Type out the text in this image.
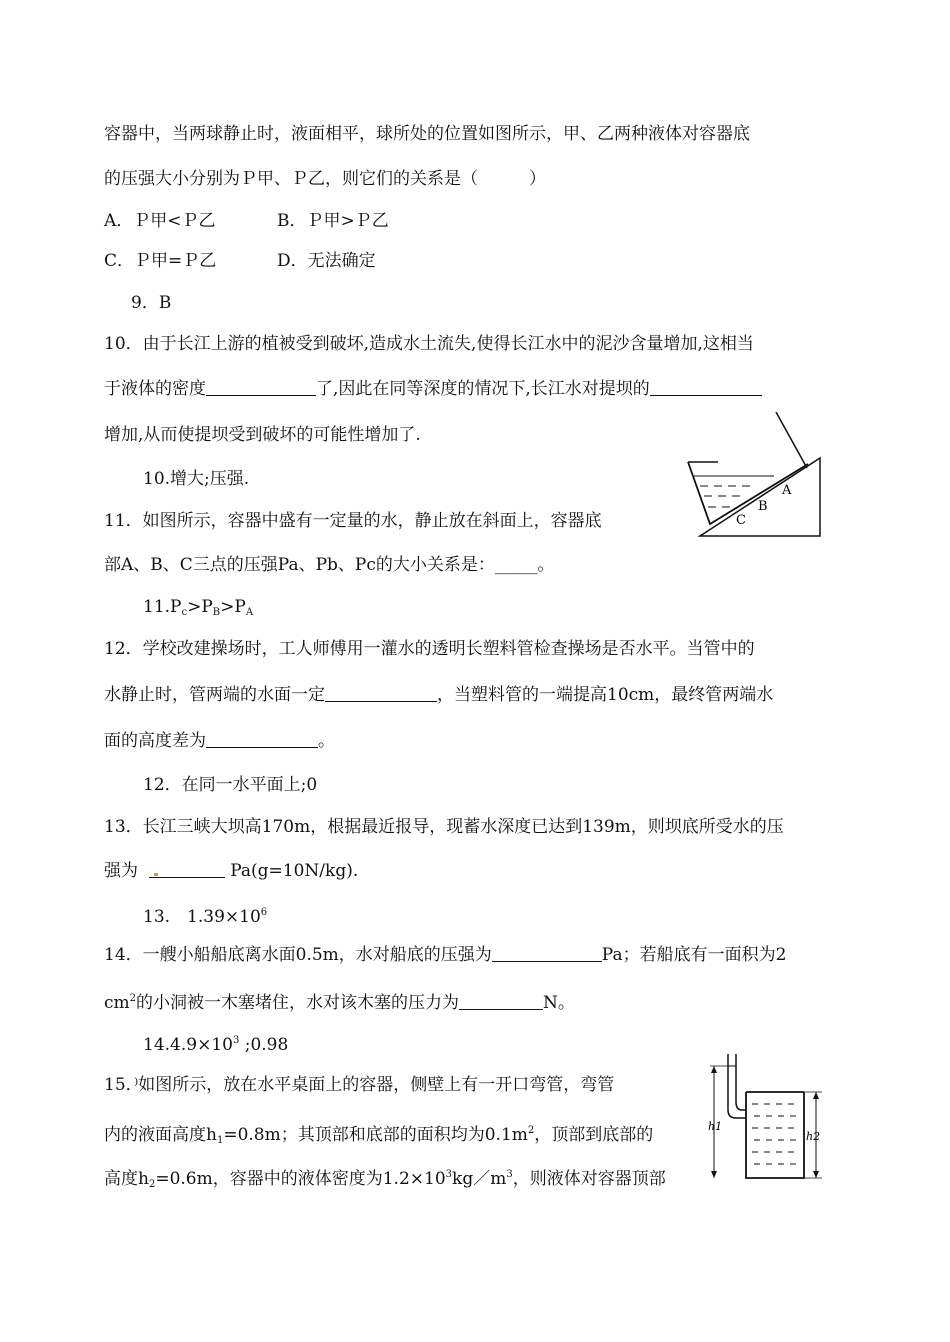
容器中，当两球静止时，液面相平，球所处的位置如图所示，甲、乙两种液体对容器底
的压强大小分别为Ｐ甲、Ｐ乙，则它们的关系是（　　　）
A．Ｐ甲<Ｐ乙	B．Ｐ甲>Ｐ乙
C．Ｐ甲=Ｐ乙	D．无法确定
9．B
10．由于长江上游的植被受到破坏,造成水土流失,使得长江水中的泥沙含量增加,这相当
于液体的密度	了,因此在同等深度的情况下,长江水对提坝的
增加,从而使提坝受到破坏的可能性增加了.
10.增大;压强.
11．如图所示，容器中盛有一定量的水，静止放在斜面上，容器底
部A、B、C三点的压强Pa、Pb、Pc的大小关系是：_____。
$11.P_c>P_B>P_A$
A
B
C
12．学校改建操场时，工人师傅用一灌水的透明长塑料管检查操场是否水平。当管中的
水静止时，管两端的水面一定	，当塑料管的一端提高10cm，最终管两端水
面的高度差为	。
12．在同一水平面上;0
13．长江三峡大坝高170m，根据最近报导，现蓄水深度已达到139m，则坝底所受水的压
强为	Pa(g=10N/kg).
13.　$1.39\times 10^6$
14．一艘小船船底离水面0.5m，水对船底的压强为	Pa；若船底有一面积为2
$cm^2$的小洞被一木塞堵住，水对该木塞的压力为	N。
$14.4.9\times 10^3$ ;0.98
15．⁾如图所示，放在水平桌面上的容器，侧壁上有一开口弯管，弯管
内的液面高度$h_1=0.8m$；其顶部和底部的面积均为$0.1m^2$，顶部到底部的
高度$h_2=0.6m$，容器中的液体密度为$1.2\times 10^3kg/m^3$，则液体对容器顶部
h1
h2
